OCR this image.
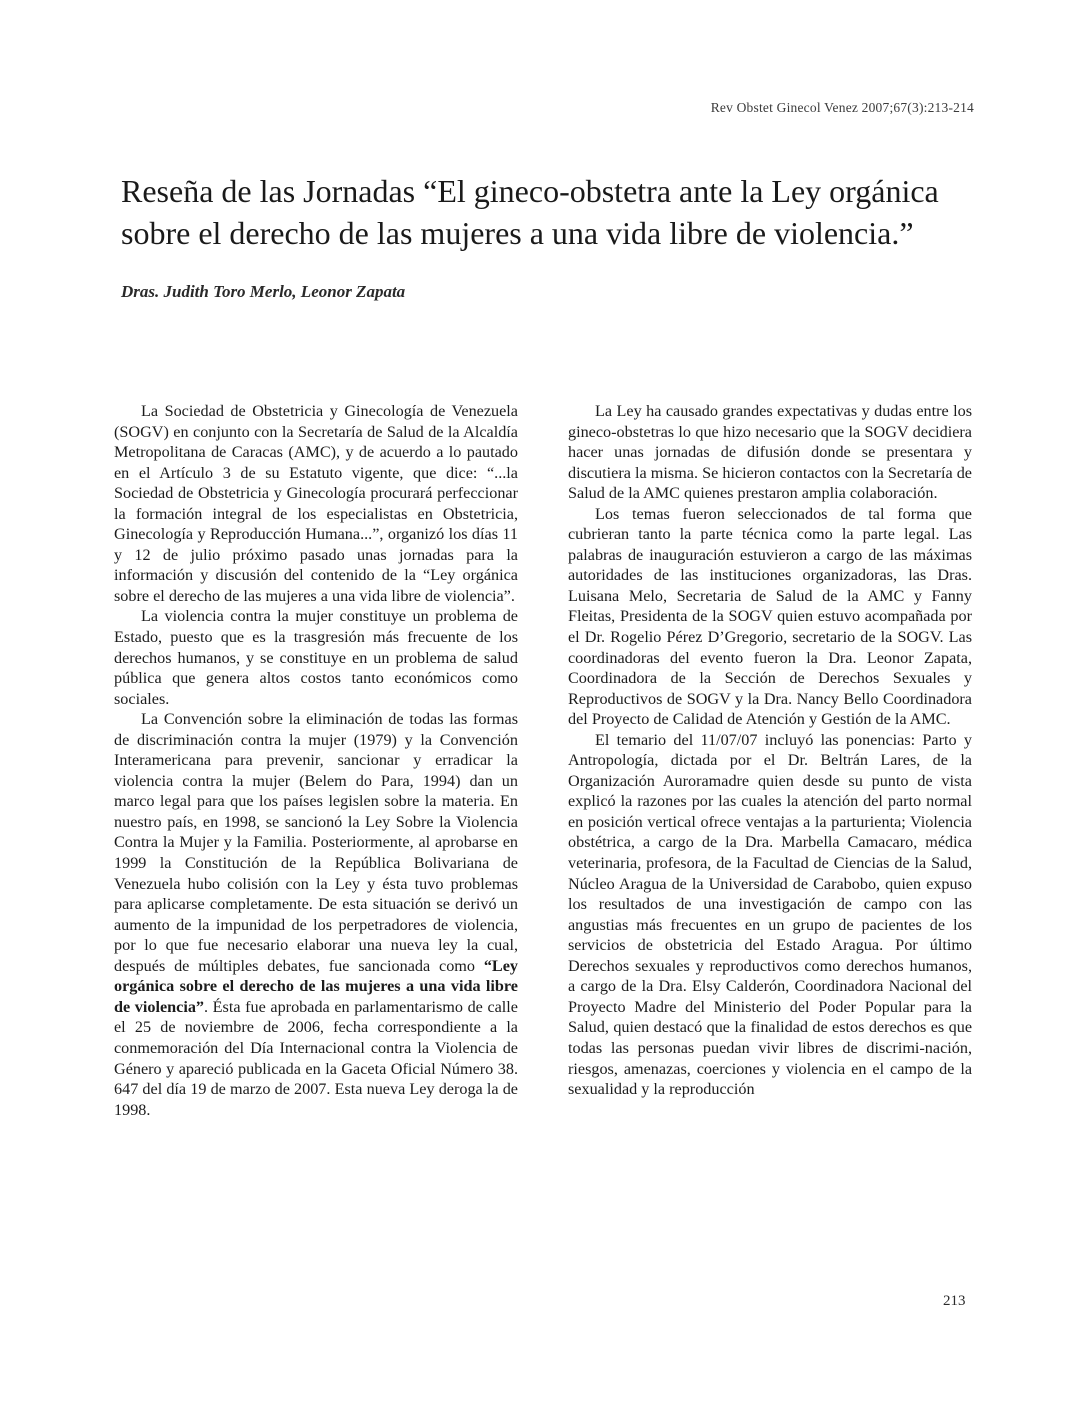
Rev Obstet Ginecol Venez 2007;67(3):213-214
Reseña de las Jornadas “El gineco-obstetra ante la Ley orgánica sobre el derecho de las mujeres a una vida libre de violencia.”
Dras. Judith Toro Merlo, Leonor Zapata

La Sociedad de Obstetricia y Ginecología de Venezuela (SOGV) en conjunto con la Secretaría de Salud de la Alcaldía Metropolitana de Caracas (AMC), y de acuerdo a lo pautado en el Artículo 3 de su Estatuto vigente, que dice: “...la Sociedad de Obstetricia y Ginecología procurará perfeccionar la formación integral de los especialistas en Obstetricia, Ginecología y Reproducción Humana...”, organizó los días 11 y 12 de julio próximo pasado unas jornadas para la información y discusión del contenido de la “Ley orgánica sobre el derecho de las mujeres a una vida libre de violencia”.

La violencia contra la mujer constituye un problema de Estado, puesto que es la trasgresión más frecuente de los derechos humanos, y se constituye en un problema de salud pública que genera altos costos tanto económicos como sociales.

La Convención sobre la eliminación de todas las formas de discriminación contra la mujer (1979) y la Convención Interamericana para prevenir, sancionar y erradicar la violencia contra la mujer (Belem do Para, 1994) dan un marco legal para que los países legislen sobre la materia. En nuestro país, en 1998, se sancionó la Ley Sobre la Violencia Contra la Mujer y la Familia. Posteriormente, al aprobarse en 1999 la Constitución de la República Bolivariana de Venezuela hubo colisión con la Ley y ésta tuvo problemas para aplicarse completamente. De esta situación se derivó un aumento de la impunidad de los perpetradores de violencia, por lo que fue necesario elaborar una nueva ley la cual, después de múltiples debates, fue sancionada como “Ley orgánica sobre el derecho de las mujeres a una vida libre de violencia”. Ésta fue aprobada en parlamentarismo de calle el 25 de noviembre de 2006, fecha correspondiente a la conmemoración del Día Internacional contra la Violencia de Género y apareció publicada en la Gaceta Oficial Número 38. 647 del día 19 de marzo de 2007. Esta nueva Ley deroga la de 1998.

La Ley ha causado grandes expectativas y dudas entre los gineco-obstetras lo que hizo necesario que la SOGV decidiera hacer unas jornadas de difusión donde se presentara y discutiera la misma. Se hicieron contactos con la Secretaría de Salud de la AMC quienes prestaron amplia colaboración.

Los temas fueron seleccionados de tal forma que cubrieran tanto la parte técnica como la parte legal. Las palabras de inauguración estuvieron a cargo de las máximas autoridades de las instituciones organizadoras, las Dras. Luisana Melo, Secretaria de Salud de la AMC y Fanny Fleitas, Presidenta de la SOGV quien estuvo acompañada por el Dr. Rogelio Pérez D’Gregorio, secretario de la SOGV. Las coordinadoras del evento fueron la Dra. Leonor Zapata, Coordinadora de la Sección de Derechos Sexuales y Reproductivos de SOGV y la Dra. Nancy Bello Coordinadora del Proyecto de Calidad de Atención y Gestión de la AMC.

El temario del 11/07/07 incluyó las ponencias: Parto y Antropología, dictada por el Dr. Beltrán Lares, de la Organización Auroramadre quien desde su punto de vista explicó la razones por las cuales la atención del parto normal en posición vertical ofrece ventajas a la parturienta; Violencia obstétrica, a cargo de la Dra. Marbella Camacaro, médica veterinaria, profesora, de la Facultad de Ciencias de la Salud, Núcleo Aragua de la Universidad de Carabobo, quien expuso los resultados de una investigación de campo con las angustias más frecuentes en un grupo de pacientes de los servicios de obstetricia del Estado Aragua. Por último Derechos sexuales y reproductivos como derechos humanos, a cargo de la Dra. Elsy Calderón, Coordinadora Nacional del Proyecto Madre del Ministerio del Poder Popular para la Salud, quien destacó que la finalidad de estos derechos es que todas las personas puedan vivir libres de discrimi-nación, riesgos, amenazas, coerciones y violencia en el campo de la sexualidad y la reproducción

213
